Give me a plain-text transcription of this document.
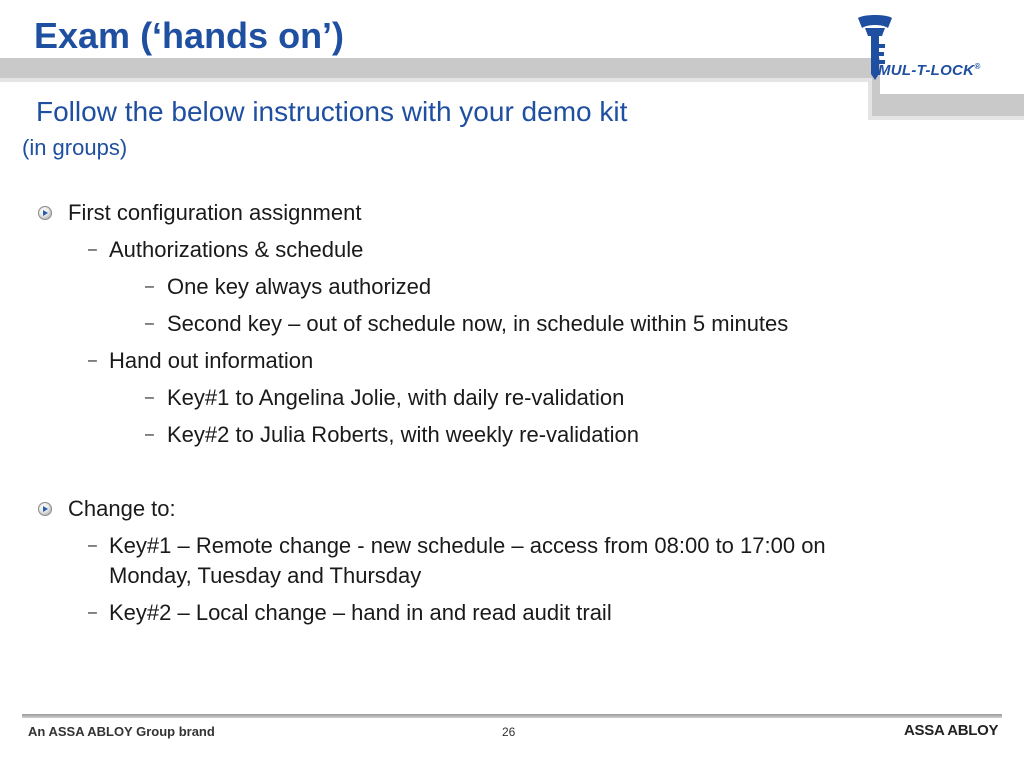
Exam (‘hands on’)
MUL-T-LOCK®
Follow the below instructions with your demo kit
(in groups)
First configuration assignment
– Authorizations & schedule
– One key always authorized
– Second key – out of schedule now, in schedule within 5 minutes
– Hand out information
– Key#1 to Angelina Jolie, with daily re-validation
– Key#2 to Julia Roberts, with weekly re-validation
Change to:
– Key#1 – Remote change - new schedule – access from 08:00 to 17:00 on
Monday, Tuesday and Thursday
– Key#2 – Local change – hand in and read audit trail
An ASSA ABLOY Group brand	26	ASSA ABLOY
